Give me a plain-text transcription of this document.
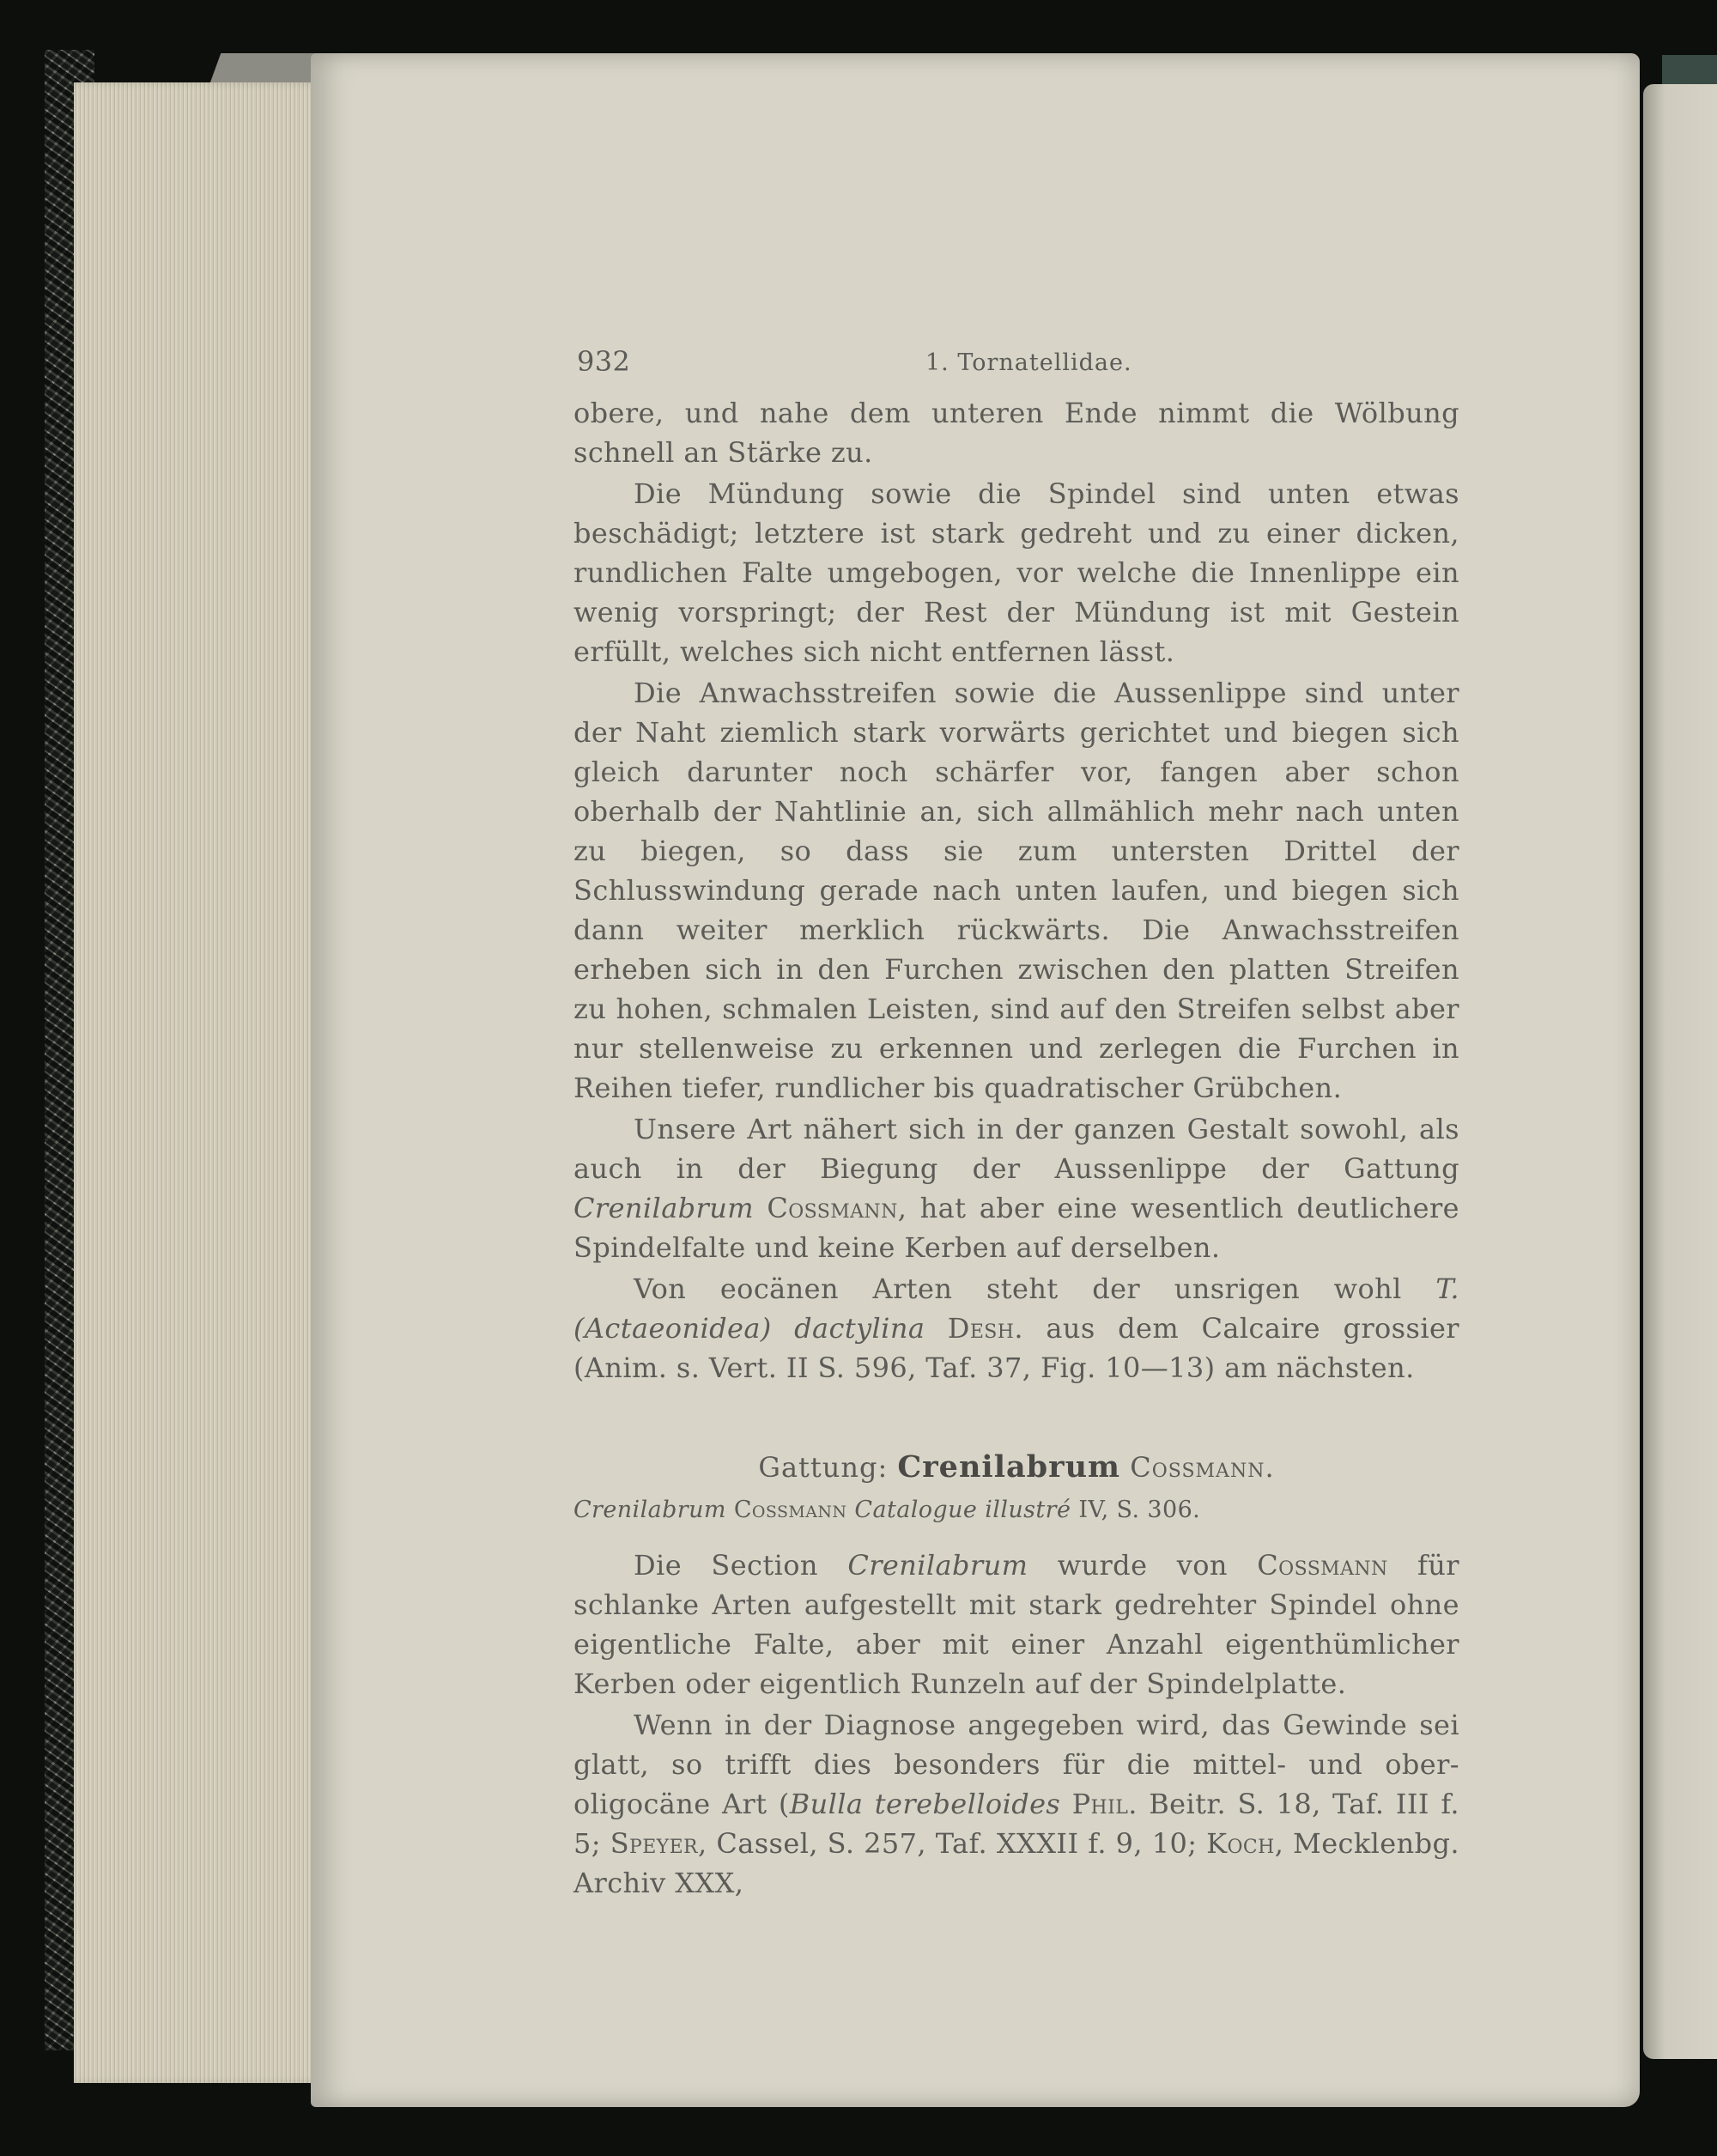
932	1. Tornatellidae.

obere, und nahe dem unteren Ende nimmt die Wölbung schnell an Stärke zu.

Die Mündung sowie die Spindel sind unten etwas beschädigt; letztere ist stark gedreht und zu einer dicken, rundlichen Falte umgebogen, vor welche die Innenlippe ein wenig vorspringt; der Rest der Mündung ist mit Gestein erfüllt, welches sich nicht entfernen lässt.

Die Anwachsstreifen sowie die Aussenlippe sind unter der Naht ziemlich stark vorwärts gerichtet und biegen sich gleich darunter noch schärfer vor, fangen aber schon oberhalb der Nahtlinie an, sich allmählich mehr nach unten zu biegen, so dass sie zum untersten Drittel der Schlusswindung gerade nach unten laufen, und biegen sich dann weiter merklich rückwärts. Die Anwachsstreifen erheben sich in den Furchen zwischen den platten Streifen zu hohen, schmalen Leisten, sind auf den Streifen selbst aber nur stellenweise zu erkennen und zerlegen die Furchen in Reihen tiefer, rundlicher bis quadratischer Grübchen.

Unsere Art nähert sich in der ganzen Gestalt sowohl, als auch in der Biegung der Aussenlippe der Gattung Crenilabrum Cossmann, hat aber eine wesentlich deutlichere Spindelfalte und keine Kerben auf derselben.

Von eocänen Arten steht der unsrigen wohl T. (Actaeonidea) dactylina Desh. aus dem Calcaire grossier (Anim. s. Vert. II S. 596, Taf. 37, Fig. 10—13) am nächsten.

Gattung: Crenilabrum Cossmann.

Crenilabrum Cossmann Catalogue illustré IV, S. 306.

Die Section Crenilabrum wurde von Cossmann für schlanke Arten aufgestellt mit stark gedrehter Spindel ohne eigentliche Falte, aber mit einer Anzahl eigenthümlicher Kerben oder eigentlich Runzeln auf der Spindelplatte.

Wenn in der Diagnose angegeben wird, das Gewinde sei glatt, so trifft dies besonders für die mittel- und ober-oligocäne Art (Bulla terebelloides Phil. Beitr. S. 18, Taf. III f. 5; Speyer, Cassel, S. 257, Taf. XXXII f. 9, 10; Koch, Mecklenbg. Archiv XXX,
